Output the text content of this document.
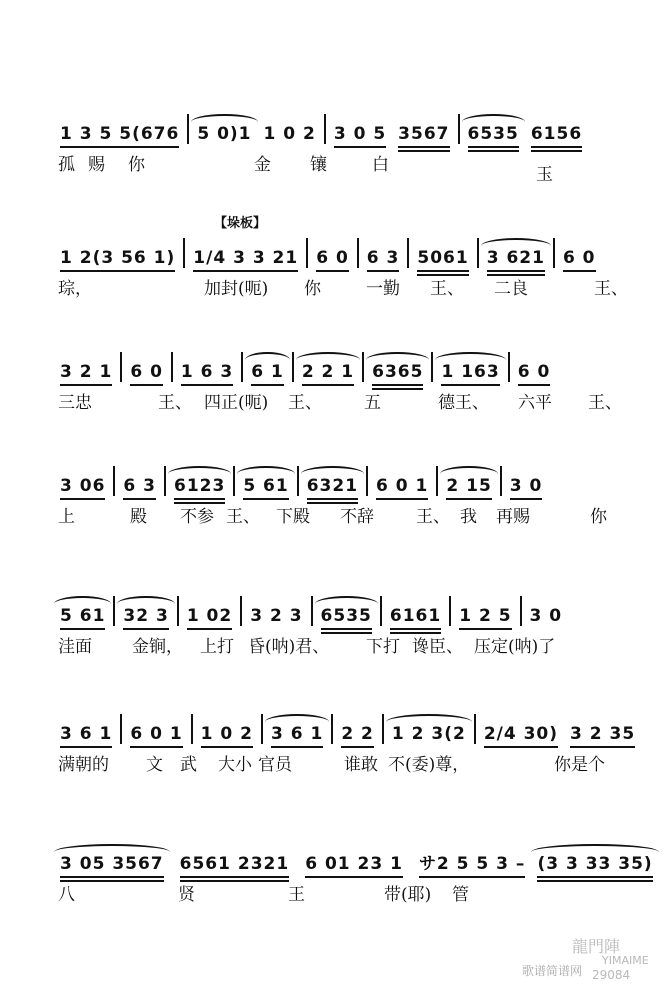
1 3 5 5(676	5 0)1 1 0 2	3 0 5 3567	6535 6156
孤 赐 你	金 镶	白	玉
【垛板】
1 2(3 56 1)	1/4 3 3 21	6 0	6 3	5061	3 621	6 0
琮，	加封(呃) 你	一勤 王、 二良	王、
3 2 1	6 0	1 6 3	6 1	2 2 1	6365	1 163	6 0
三忠	王、 四正(呃) 王、 五	德王、 六平 王、
3 06	6 3	6123	5 61	6321	6 0 1	2 15	3 0
上	殿 不参 王、 下殿 不辞 王、 我 再赐	你
5 61	32 3	1 02	3 2 3	6535	6161	1 2 5	3 0
洼面 金锏， 上打 昏(呐)君、 下打 谗臣、 压定(呐)了
3 6 1	6 0 1	1 0 2	3 6 1	2 2	1 2 3(2	2/4 30) 3 2 35
满朝的 文 武 大小 官员	谁敢 不(委)尊，	你是个
3 05 3567 6561 2321 6 01 23 1 サ2 5 5 3 – (3 3 33 35)
八	贤	王	带(耶) 管
龍門陣
歌谱简谱网
YIMAIME
29084
